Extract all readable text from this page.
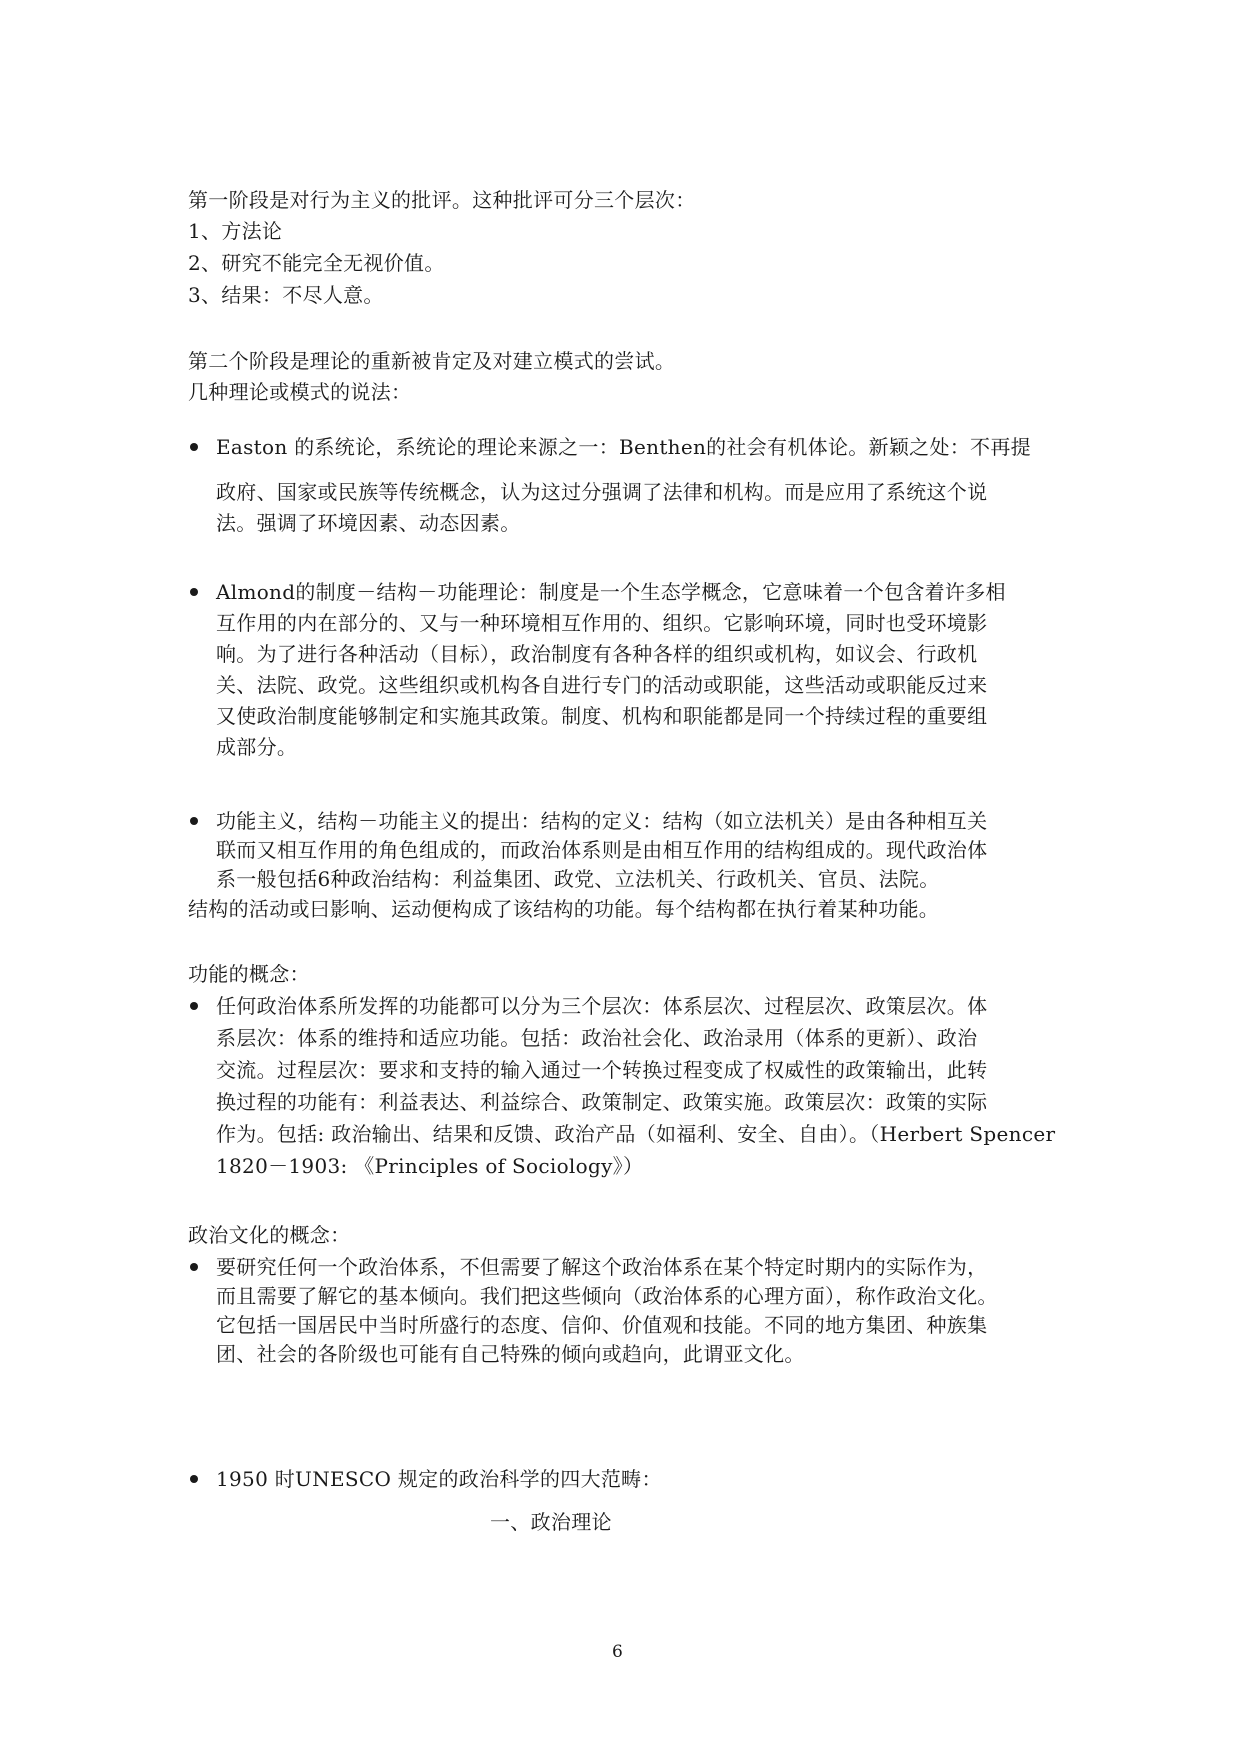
第一阶段是对行为主义的批评。这种批评可分三个层次：
1、方法论
2、研究不能完全无视价值。
3、结果：不尽人意。
第二个阶段是理论的重新被肯定及对建立模式的尝试。
几种理论或模式的说法：
Easton 的系统论，系统论的理论来源之一：Benthen的社会有机体论。新颖之处：不再提
政府、国家或民族等传统概念，认为这过分强调了法律和机构。而是应用了系统这个说
法。强调了环境因素、动态因素。
Almond的制度－结构－功能理论：制度是一个生态学概念，它意味着一个包含着许多相
互作用的内在部分的、又与一种环境相互作用的、组织。它影响环境，同时也受环境影
响。为了进行各种活动（目标），政治制度有各种各样的组织或机构，如议会、行政机
关、法院、政党。这些组织或机构各自进行专门的活动或职能，这些活动或职能反过来
又使政治制度能够制定和实施其政策。制度、机构和职能都是同一个持续过程的重要组
成部分。
功能主义，结构－功能主义的提出：结构的定义：结构（如立法机关）是由各种相互关
联而又相互作用的角色组成的，而政治体系则是由相互作用的结构组成的。现代政治体
系一般包括6种政治结构：利益集团、政党、立法机关、行政机关、官员、法院。
结构的活动或曰影响、运动便构成了该结构的功能。每个结构都在执行着某种功能。
功能的概念：
任何政治体系所发挥的功能都可以分为三个层次：体系层次、过程层次、政策层次。体
系层次：体系的维持和适应功能。包括：政治社会化、政治录用（体系的更新）、政治
交流。过程层次：要求和支持的输入通过一个转换过程变成了权威性的政策输出，此转
换过程的功能有：利益表达、利益综合、政策制定、政策实施。政策层次：政策的实际
作为。包括: 政治输出、结果和反馈、政治产品（如福利、安全、自由）。（Herbert Spencer
1820－1903: 《Principles of Sociology》）
政治文化的概念：
要研究任何一个政治体系，不但需要了解这个政治体系在某个特定时期内的实际作为，
而且需要了解它的基本倾向。我们把这些倾向（政治体系的心理方面），称作政治文化。
它包括一国居民中当时所盛行的态度、信仰、价值观和技能。不同的地方集团、种族集
团、社会的各阶级也可能有自己特殊的倾向或趋向，此谓亚文化。
1950 时UNESCO 规定的政治科学的四大范畴：
一、政治理论
6
